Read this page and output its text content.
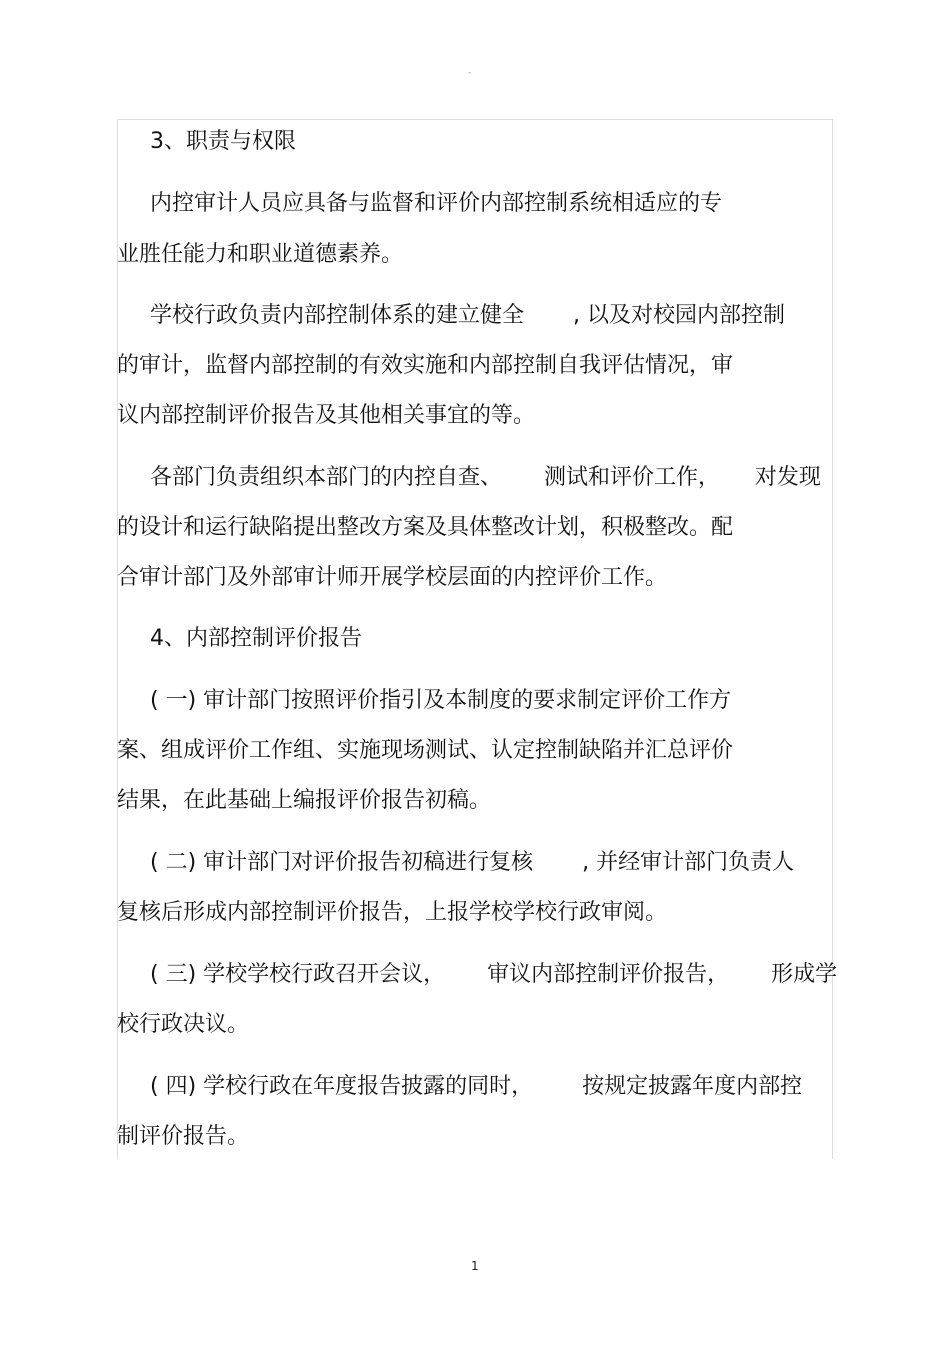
-
3、职责与权限
内控审计人员应具备与监督和评价内部控制系统相适应的专
业胜任能力和职业道德素养。
学校行政负责内部控制体系的建立健全       , 以及对校园内部控制
的审计，监督内部控制的有效实施和内部控制自我评估情况，审
议内部控制评价报告及其他相关事宜的等。
各部门负责组织本部门的内控自查、      测试和评价工作，     对发现
的设计和运行缺陷提出整改方案及具体整改计划，积极整改。配
合审计部门及外部审计师开展学校层面的内控评价工作。
4、内部控制评价报告
( 一) 审计部门按照评价指引及本制度的要求制定评价工作方
案、组成评价工作组、实施现场测试、认定控制缺陷并汇总评价
结果，在此基础上编报评价报告初稿。
( 二) 审计部门对评价报告初稿进行复核       , 并经审计部门负责人
复核后形成内部控制评价报告，上报学校学校行政审阅。
( 三) 学校学校行政召开会议，      审议内部控制评价报告，      形成学
校行政决议。
( 四) 学校行政在年度报告披露的同时，       按规定披露年度内部控
制评价报告。
1
